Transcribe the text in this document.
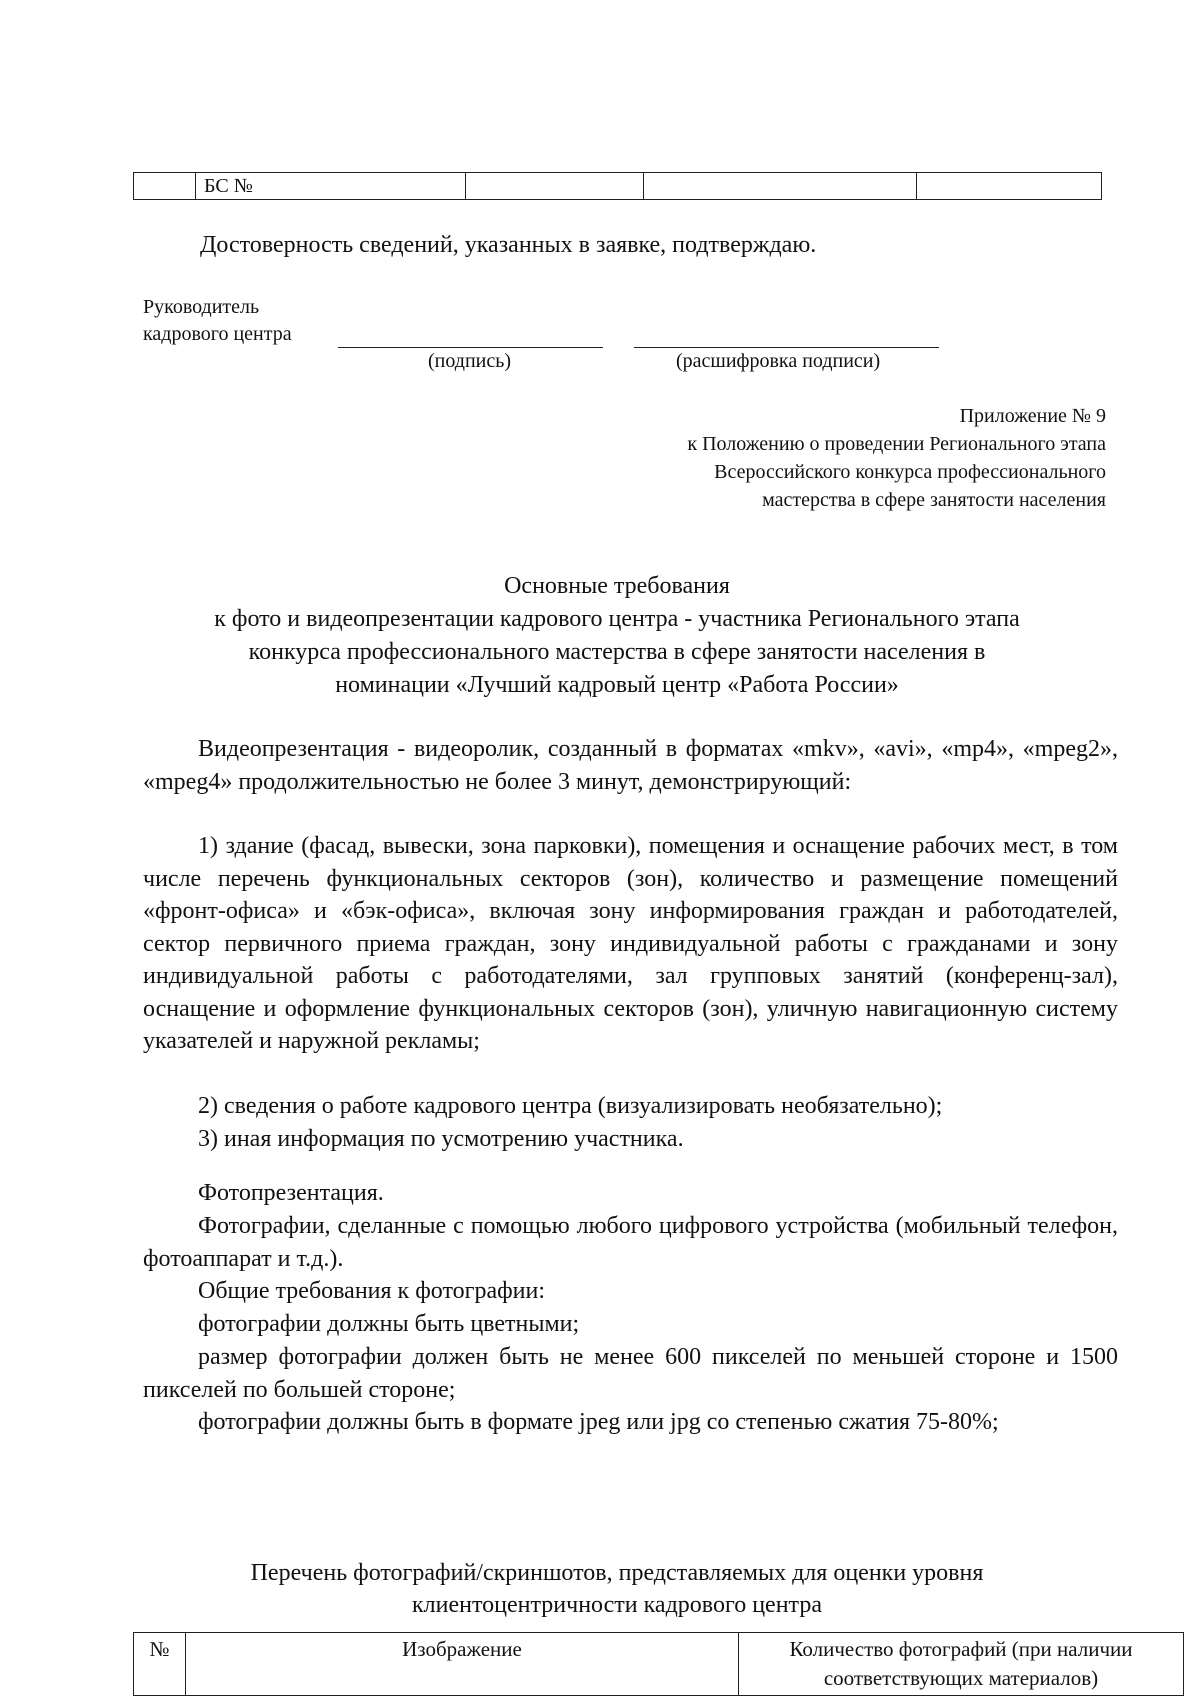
	БС №			
Достоверность сведений, указанных в заявке, подтверждаю.
Руководитель
кадрового центра
(подпись)	(расшифровка подписи)
Приложение № 9
к Положению о проведении Регионального этапа
Всероссийского конкурса профессионального
мастерства в сфере занятости населения
Основные требования
к фото и видеопрезентации кадрового центра - участника Регионального этапа
конкурса профессионального мастерства в сфере занятости населения в
номинации «Лучший кадровый центр «Работа России»
Видеопрезентация - видеоролик, созданный в форматах «mkv», «avi», «mp4», «mpeg2», «mpeg4» продолжительностью не более 3 минут, демонстрирующий:
1) здание (фасад, вывески, зона парковки), помещения и оснащение рабочих мест, в том числе перечень функциональных секторов (зон), количество и размещение помещений «фронт-офиса» и «бэк-офиса», включая зону информирования граждан и работодателей, сектор первичного приема граждан, зону индивидуальной работы с гражданами и зону индивидуальной работы с работодателями, зал групповых занятий (конференц-зал), оснащение и оформление функциональных секторов (зон), уличную навигационную систему указателей и наружной рекламы;
2) сведения о работе кадрового центра (визуализировать необязательно);
3) иная информация по усмотрению участника.
Фотопрезентация.
Фотографии, сделанные с помощью любого цифрового устройства (мобильный телефон, фотоаппарат и т.д.).
Общие требования к фотографии:
фотографии должны быть цветными;
размер фотографии должен быть не менее 600 пикселей по меньшей стороне и 1500 пикселей по большей стороне;
фотографии должны быть в формате jpeg или jpg со степенью сжатия 75-80%;
Перечень фотографий/скриншотов, представляемых для оценки уровня
клиентоцентричности кадрового центра
№	Изображение	Количество фотографий (при наличии соответствующих материалов)
